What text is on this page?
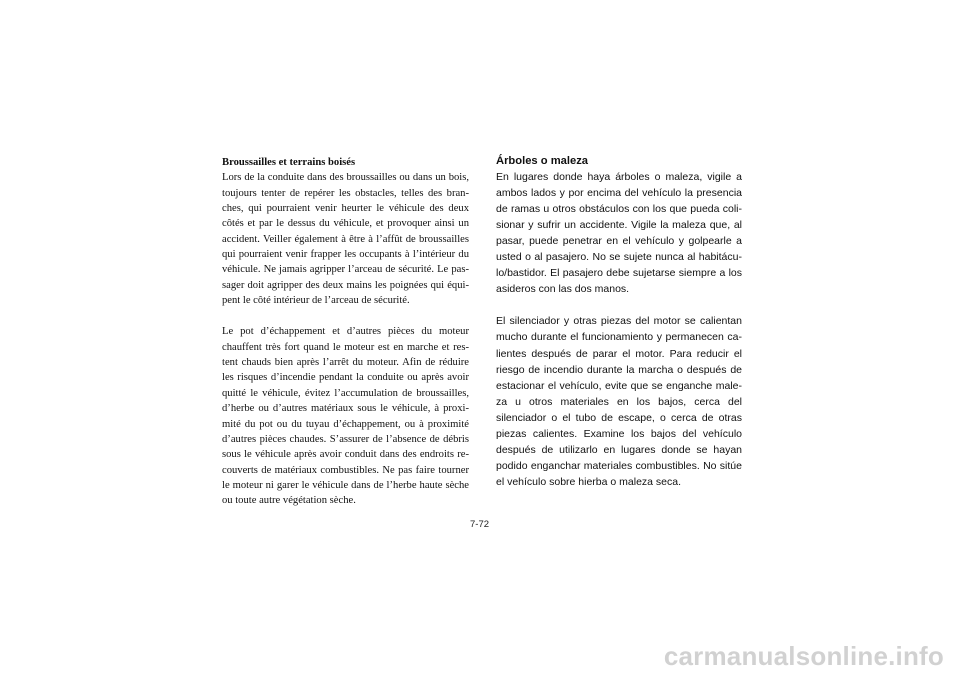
Broussailles et terrains boisés
Lors de la conduite dans des broussailles ou dans un bois, toujours tenter de repérer les obstacles, telles des branches, qui pourraient venir heurter le véhicule des deux côtés et par le dessus du véhicule, et provoquer ainsi un accident. Veiller également à être à l’affût de broussailles qui pourraient venir frapper les occupants à l’intérieur du véhicule. Ne jamais agripper l’arceau de sécurité. Le passager doit agripper des deux mains les poignées qui équipent le côté intérieur de l’arceau de sécurité.

Le pot d’échappement et d’autres pièces du moteur chauffent très fort quand le moteur est en marche et restent chauds bien après l’arrêt du moteur. Afin de réduire les risques d’incendie pendant la conduite ou après avoir quitté le véhicule, évitez l’accumulation de broussailles, d’herbe ou d’autres matériaux sous le véhicule, à proximité du pot ou du tuyau d’échappement, ou à proximité d’autres pièces chaudes. S’assurer de l’absence de débris sous le véhicule après avoir conduit dans des endroits recouverts de matériaux combustibles. Ne pas faire tourner le moteur ni garer le véhicule dans de l’herbe haute sèche ou toute autre végétation sèche.

Árboles o maleza
En lugares donde haya árboles o maleza, vigile a ambos lados y por encima del vehículo la presencia de ramas u otros obstáculos con los que pueda colisionar y sufrir un accidente. Vigile la maleza que, al pasar, puede penetrar en el vehículo y golpearle a usted o al pasajero. No se sujete nunca al habitáculo/bastidor. El pasajero debe sujetarse siempre a los asideros con las dos manos.

El silenciador y otras piezas del motor se calientan mucho durante el funcionamiento y permanecen calientes después de parar el motor. Para reducir el riesgo de incendio durante la marcha o después de estacionar el vehículo, evite que se enganche maleza u otros materiales en los bajos, cerca del silenciador o el tubo de escape, o cerca de otras piezas calientes. Examine los bajos del vehículo después de utilizarlo en lugares donde se hayan podido enganchar materiales combustibles. No sitúe el vehículo sobre hierba o maleza seca.

7-72
carmanualsonline.info
